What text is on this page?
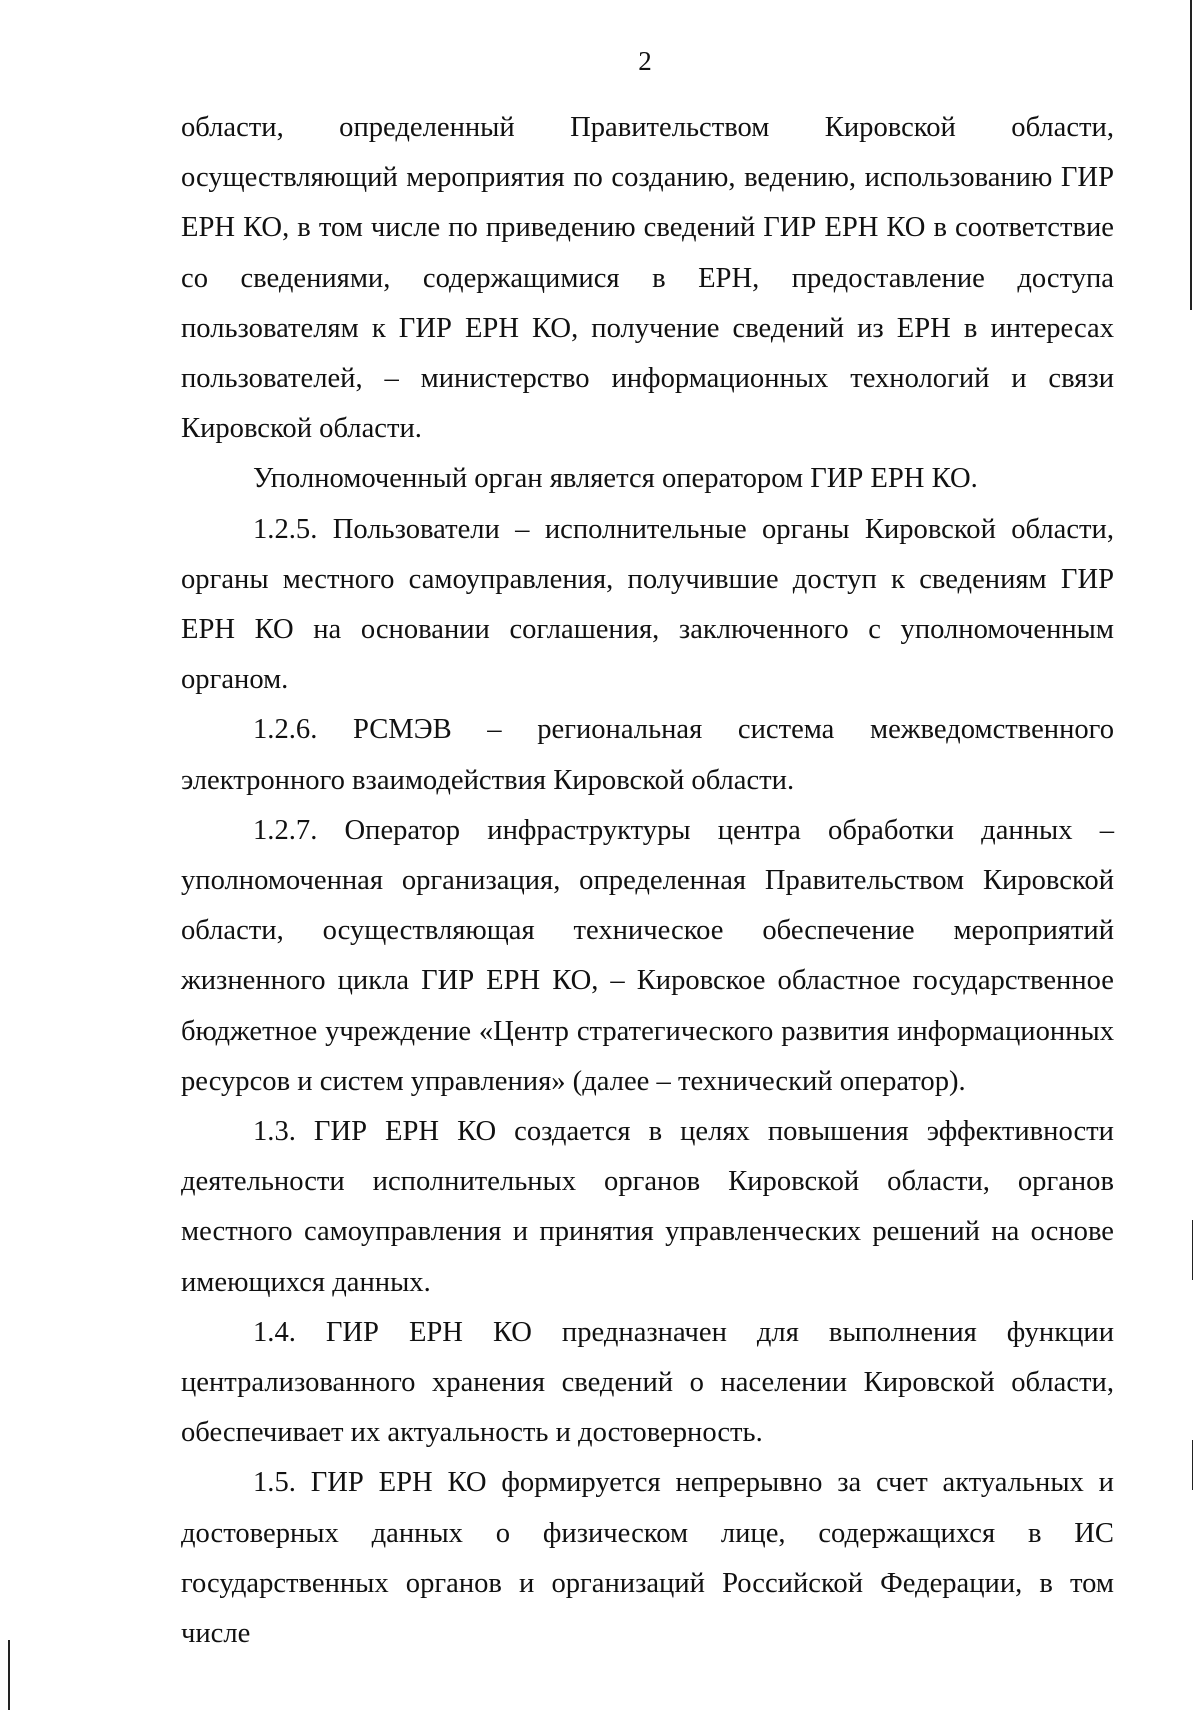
2

области, определенный Правительством Кировской области, осуществляющий мероприятия по созданию, ведению, использованию ГИР ЕРН КО, в том числе по приведению сведений ГИР ЕРН КО в соответствие со сведениями, содержащимися в ЕРН, предоставление доступа пользователям к ГИР ЕРН КО, получение сведений из ЕРН в интересах пользователей, – министерство информационных технологий и связи Кировской области.

Уполномоченный орган является оператором ГИР ЕРН КО.

1.2.5. Пользователи – исполнительные органы Кировской области, органы местного самоуправления, получившие доступ к сведениям ГИР ЕРН КО на основании соглашения, заключенного с уполномоченным органом.

1.2.6. РСМЭВ – региональная система межведомственного электронного взаимодействия Кировской области.

1.2.7. Оператор инфраструктуры центра обработки данных – уполномоченная организация, определенная Правительством Кировской области, осуществляющая техническое обеспечение мероприятий жизненного цикла ГИР ЕРН КО, – Кировское областное государственное бюджетное учреждение «Центр стратегического развития информационных ресурсов и систем управления» (далее – технический оператор).

1.3. ГИР ЕРН КО создается в целях повышения эффективности деятельности исполнительных органов Кировской области, органов местного самоуправления и принятия управленческих решений на основе имеющихся данных.

1.4. ГИР ЕРН КО предназначен для выполнения функции централизованного хранения сведений о населении Кировской области, обеспечивает их актуальность и достоверность.

1.5. ГИР ЕРН КО формируется непрерывно за счет актуальных и достоверных данных о физическом лице, содержащихся в ИС государственных органов и организаций Российской Федерации, в том числе
